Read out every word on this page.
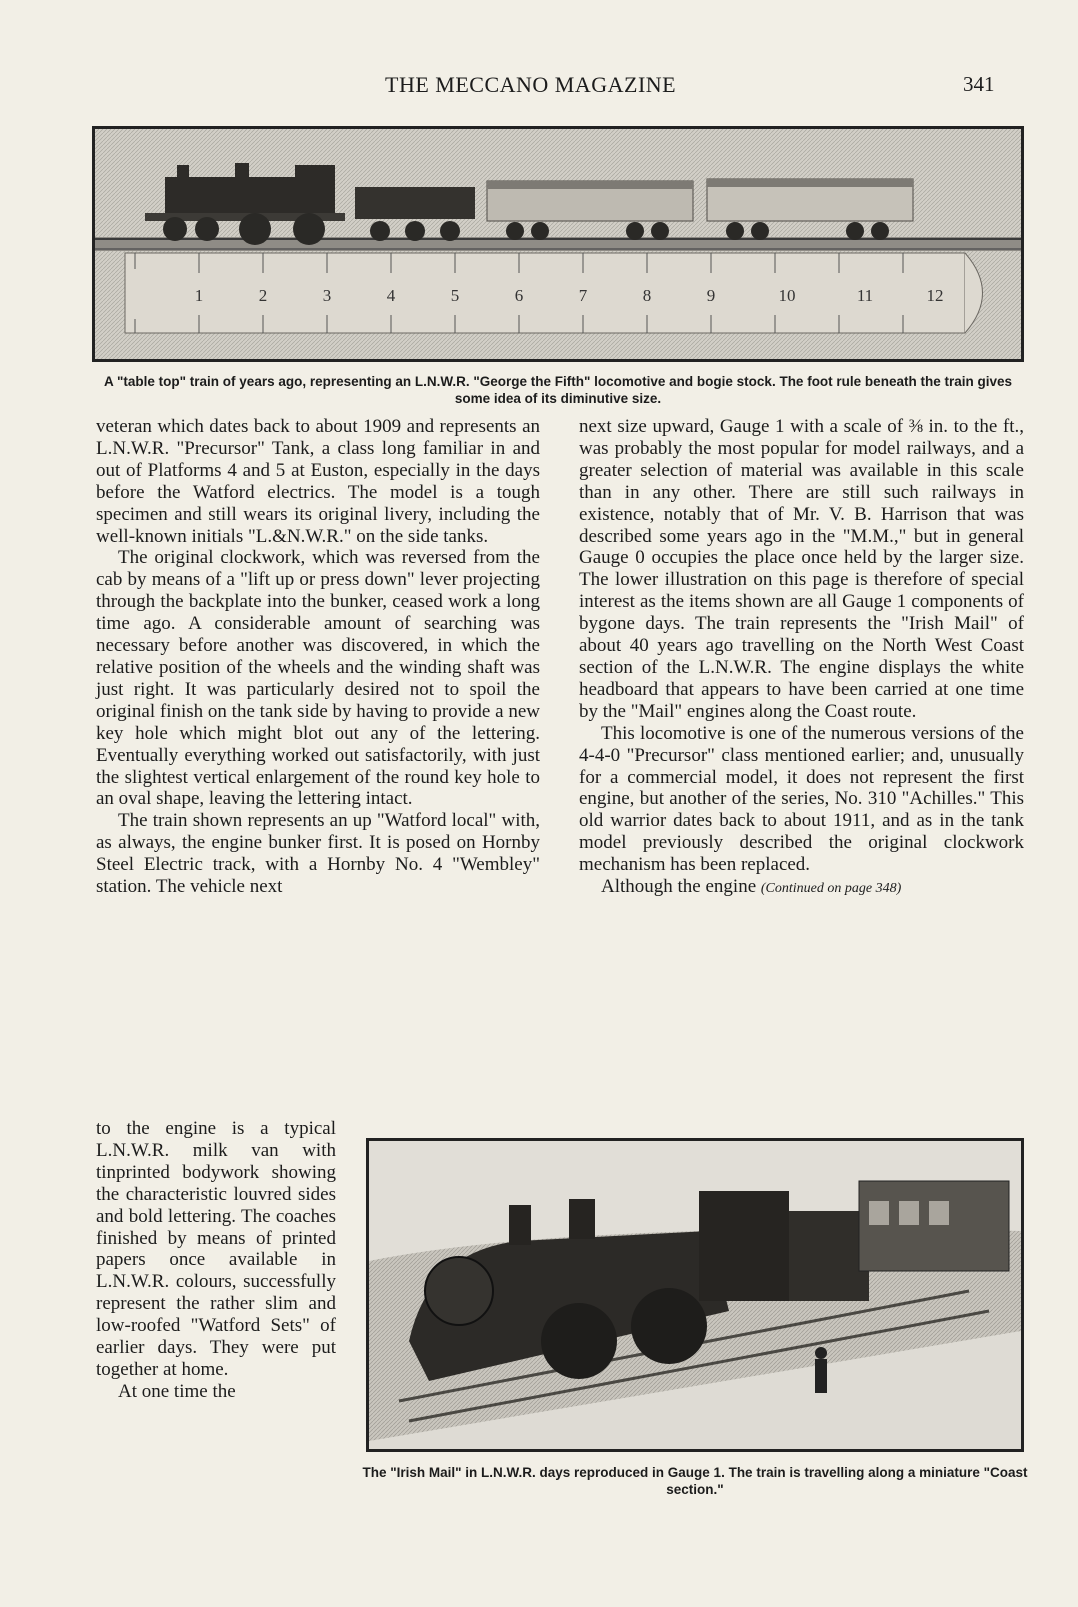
THE MECCANO MAGAZINE	341
1	2	3	4	5	6	7	8	9	10	11	12
A "table top" train of years ago, representing an L.N.W.R. "George the Fifth" locomotive and bogie stock. The foot rule beneath the train gives some idea of its diminutive size.

veteran which dates back to about 1909 and represents an L.N.W.R. "Precursor" Tank, a class long familiar in and out of Platforms 4 and 5 at Euston, especially in the days before the Watford electrics. The model is a tough specimen and still wears its original livery, including the well-known initials "L.&N.W.R." on the side tanks.

The original clockwork, which was reversed from the cab by means of a "lift up or press down" lever projecting through the backplate into the bunker, ceased work a long time ago. A considerable amount of searching was necessary before another was discovered, in which the relative position of the wheels and the winding shaft was just right. It was particularly desired not to spoil the original finish on the tank side by having to provide a new key hole which might blot out any of the lettering. Eventually everything worked out satisfactorily, with just the slightest vertical enlargement of the round key hole to an oval shape, leaving the lettering intact.

The train shown represents an up "Watford local" with, as always, the engine bunker first. It is posed on Hornby Steel Electric track, with a Hornby No. 4 "Wembley" station. The vehicle next

to the engine is a typical L.N.W.R. milk van with tinprinted bodywork showing the characteristic louvred sides and bold lettering. The coaches finished by means of printed papers once available in L.N.W.R. colours, successfully represent the rather slim and low-roofed "Watford Sets" of earlier days. They were put together at home.

At one time the

next size upward, Gauge 1 with a scale of ⅜ in. to the ft., was probably the most popular for model railways, and a greater selection of material was available in this scale than in any other. There are still such railways in existence, notably that of Mr. V. B. Harrison that was described some years ago in the "M.M.," but in general Gauge 0 occupies the place once held by the larger size. The lower illustration on this page is therefore of special interest as the items shown are all Gauge 1 components of bygone days. The train represents the "Irish Mail" of about 40 years ago travelling on the North West Coast section of the L.N.W.R. The engine displays the white headboard that appears to have been carried at one time by the "Mail" engines along the Coast route.

This locomotive is one of the numerous versions of the 4-4-0 "Precursor" class mentioned earlier; and, unusually for a commercial model, it does not represent the first engine, but another of the series, No. 310 "Achilles." This old warrior dates back to about 1911, and as in the tank model previously described the original clockwork mechanism has been replaced.

Although the engine (Continued on page 348)

The "Irish Mail" in L.N.W.R. days reproduced in Gauge 1. The train is travelling along a miniature "Coast section."
